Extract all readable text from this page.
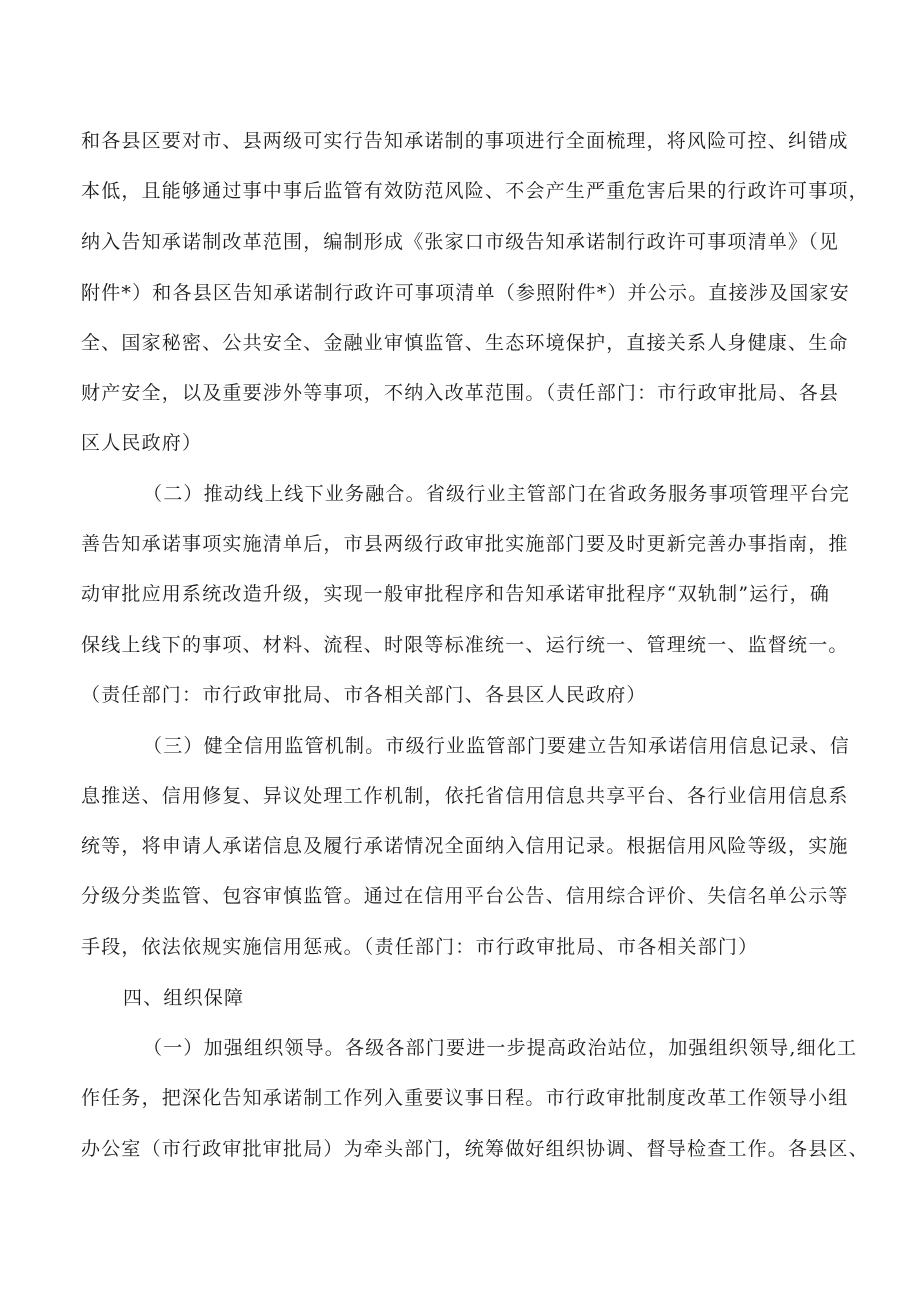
和各县区要对市、县两级可实行告知承诺制的事项进行全面梳理，将风险可控、纠错成
本低，且能够通过事中事后监管有效防范风险、不会产生严重危害后果的行政许可事项，
纳入告知承诺制改革范围，编制形成《张家口市级告知承诺制行政许可事项清单》（见
附件*）和各县区告知承诺制行政许可事项清单（参照附件*）并公示。直接涉及国家安
全、国家秘密、公共安全、金融业审慎监管、生态环境保护，直接关系人身健康、生命
财产安全，以及重要涉外等事项，不纳入改革范围。（责任部门：市行政审批局、各县
区人民政府）
（二）推动线上线下业务融合。省级行业主管部门在省政务服务事项管理平台完
善告知承诺事项实施清单后，市县两级行政审批实施部门要及时更新完善办事指南，推
动审批应用系统改造升级，实现一般审批程序和告知承诺审批程序“双轨制”运行，确
保线上线下的事项、材料、流程、时限等标准统一、运行统一、管理统一、监督统一。
（责任部门：市行政审批局、市各相关部门、各县区人民政府）
（三）健全信用监管机制。市级行业监管部门要建立告知承诺信用信息记录、信
息推送、信用修复、异议处理工作机制，依托省信用信息共享平台、各行业信用信息系
统等，将申请人承诺信息及履行承诺情况全面纳入信用记录。根据信用风险等级，实施
分级分类监管、包容审慎监管。通过在信用平台公告、信用综合评价、失信名单公示等
手段，依法依规实施信用惩戒。（责任部门：市行政审批局、市各相关部门）
四、组织保障
（一）加强组织领导。各级各部门要进一步提高政治站位，加强组织领导,细化工
作任务，把深化告知承诺制工作列入重要议事日程。市行政审批制度改革工作领导小组
办公室（市行政审批审批局）为牵头部门，统筹做好组织协调、督导检查工作。各县区、
